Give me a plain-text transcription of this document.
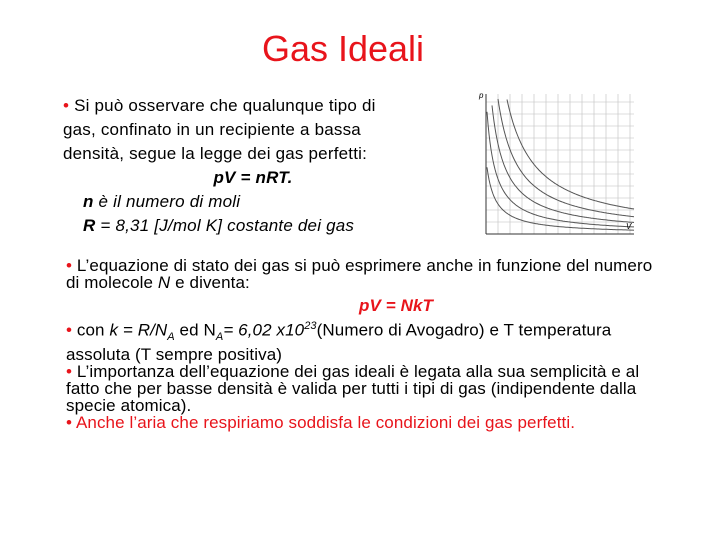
Gas Ideali
• Si può osservare che qualunque tipo di
gas, confinato in un recipiente a bassa
densità, segue la legge dei gas perfetti:
pV = nRT.
n è il numero di moli
R = 8,31 [J/mol K] costante dei gas
p
V

• L’equazione di stato dei gas si può esprimere anche in funzione del numero di molecole N e diventa:

pV = NkT

• con $k = R/N_A$ ed $N_A= 6,02$ $x10^{23}(Numero$ di Avogadro) e T temperatura assoluta (T sempre positiva)

• L’importanza dell’equazione dei gas ideali è legata alla sua semplicità e al fatto che per basse densità è valida per tutti i tipi di gas (indipendente dalla specie atomica).

• Anche l’aria che respiriamo soddisfa le condizioni dei gas perfetti.
